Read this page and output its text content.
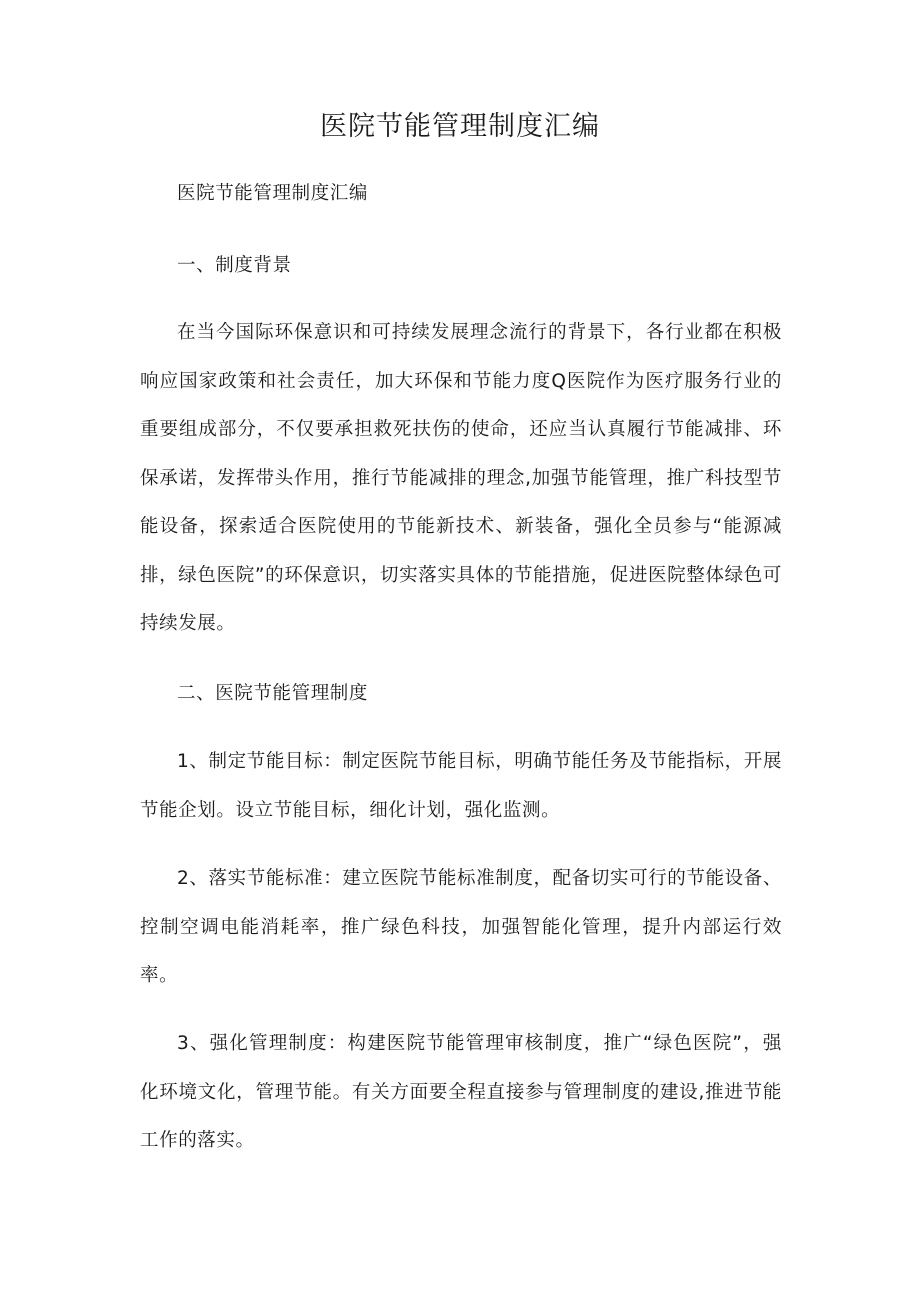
医院节能管理制度汇编

医院节能管理制度汇编

一、制度背景

在当今国际环保意识和可持续发展理念流行的背景下，各行业都在积极响应国家政策和社会责任，加大环保和节能力度Q医院作为医疗服务行业的重要组成部分，不仅要承担救死扶伤的使命，还应当认真履行节能减排、环保承诺，发挥带头作用，推行节能减排的理念,加强节能管理，推广科技型节能设备，探索适合医院使用的节能新技术、新装备，强化全员参与“能源减排，绿色医院”的环保意识，切实落实具体的节能措施，促进医院整体绿色可持续发展。

二、医院节能管理制度

1、制定节能目标：制定医院节能目标，明确节能任务及节能指标，开展节能企划。设立节能目标，细化计划，强化监测。

2、落实节能标准：建立医院节能标准制度，配备切实可行的节能设备、控制空调电能消耗率，推广绿色科技，加强智能化管理，提升内部运行效率。

3、强化管理制度：构建医院节能管理审核制度，推广“绿色医院”，强化环境文化，管理节能。有关方面要全程直接参与管理制度的建设,推进节能工作的落实。
